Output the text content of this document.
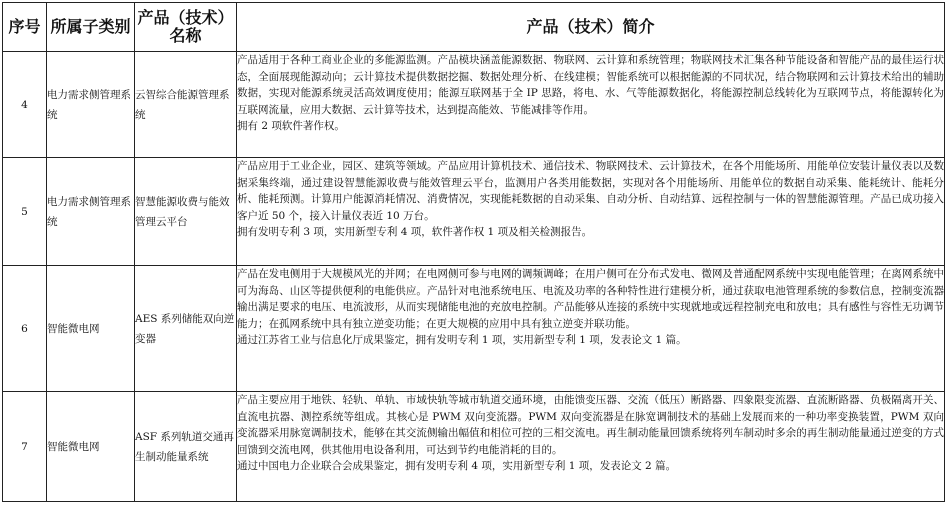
序号	所属子类别	产品（技术）名称	产品（技术）简介
4	电力需求侧管理系统	云智综合能源管理系统	产品适用于各种工商业企业的多能源监测。产品模块涵盖能源数据、物联网、云计算和系统管理；物联网技术汇集各种节能设备和智能产品的最佳运行状态，全面展现能源动向；云计算技术提供数据挖掘、数据处理分析、在线建模；智能系统可以根据能源的不同状况，结合物联网和云计算技术给出的辅助数据，实现对能源系统灵活高效调度使用；能源互联网基于全 IP 思路，将电、水、气等能源数据化，将能源控制总线转化为互联网节点，将能源转化为互联网流量，应用大数据、云计算等技术，达到提高能效、节能减排等作用。

拥有 2 项软件著作权。

5	电力需求侧管理系统	智慧能源收费与能效管理云平台	产品应用于工业企业，园区、建筑等领域。产品应用计算机技术、通信技术、物联网技术、云计算技术，在各个用能场所、用能单位安装计量仪表以及数据采集终端，通过建设智慧能源收费与能效管理云平台，监测用户各类用能数据，实现对各个用能场所、用能单位的数据自动采集、能耗统计、能耗分析、能耗预测。计算用户能源消耗情况、消费情况，实现能耗数据的自动采集、自动分析、自动结算、远程控制与一体的智慧能源管理。产品已成功接入客户近 50 个，接入计量仪表近 10 万台。

拥有发明专利 3 项，实用新型专利 4 项，软件著作权 1 项及相关检测报告。

6	智能微电网	AES 系列储能双向逆变器	产品在发电侧用于大规模风光的并网；在电网侧可参与电网的调频调峰；在用户侧可在分布式发电、微网及普通配网系统中实现电能管理；在离网系统中可为海岛、山区等提供便利的电能供应。产品针对电池系统电压、电流及功率的各种特性进行建模分析，通过获取电池管理系统的参数信息，控制变流器输出满足要求的电压、电流波形，从而实现储能电池的充放电控制。产品能够从连接的系统中实现就地或远程控制充电和放电；具有感性与容性无功调节能力；在孤网系统中具有独立逆变功能；在更大规模的应用中具有独立逆变并联功能。

通过江苏省工业与信息化厅成果鉴定，拥有发明专利 1 项，实用新型专利 1 项，发表论文 1 篇。

7	智能微电网	ASF 系列轨道交通再生制动能量系统	产品主要应用于地铁、轻轨、单轨、市域快轨等城市轨道交通环境，由能馈变压器、交流（低压）断路器、四象限变流器、直流断路器、负极隔离开关、直流电抗器、测控系统等组成。其核心是 PWM 双向变流器。PWM 双向变流器是在脉宽调制技术的基础上发展而来的一种功率变换装置，PWM 双向变流器采用脉宽调制技术，能够在其交流侧输出幅值和相位可控的三相交流电。再生制动能量回馈系统将列车制动时多余的再生制动能量通过逆变的方式回馈到交流电网，供其他用电设备利用，可达到节约电能消耗的目的。

通过中国电力企业联合会成果鉴定，拥有发明专利 4 项，实用新型专利 1 项，发表论文 2 篇。
